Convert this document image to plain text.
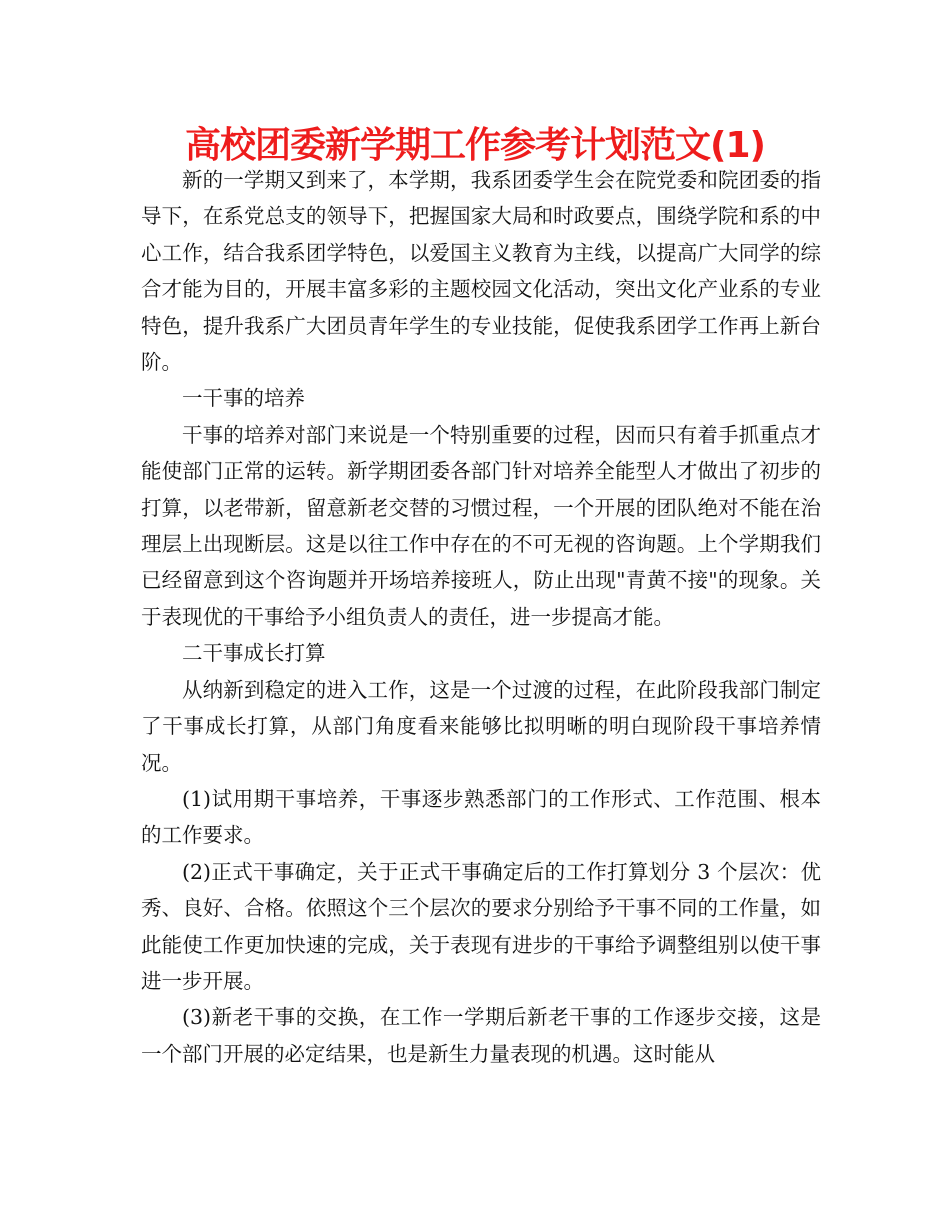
高校团委新学期工作参考计划范文(1)

新的一学期又到来了，本学期，我系团委学生会在院党委和院团委的指导下，在系党总支的领导下，把握国家大局和时政要点，围绕学院和系的中心工作，结合我系团学特色，以爱国主义教育为主线，以提高广大同学的综合才能为目的，开展丰富多彩的主题校园文化活动，突出文化产业系的专业特色，提升我系广大团员青年学生的专业技能，促使我系团学工作再上新台阶。

一干事的培养

干事的培养对部门来说是一个特别重要的过程，因而只有着手抓重点才能使部门正常的运转。新学期团委各部门针对培养全能型人才做出了初步的打算，以老带新，留意新老交替的习惯过程，一个开展的团队绝对不能在治理层上出现断层。这是以往工作中存在的不可无视的咨询题。上个学期我们已经留意到这个咨询题并开场培养接班人，防止出现"青黄不接"的现象。关于表现优的干事给予小组负责人的责任，进一步提高才能。

二干事成长打算

从纳新到稳定的进入工作，这是一个过渡的过程，在此阶段我部门制定了干事成长打算，从部门角度看来能够比拟明晰的明白现阶段干事培养情况。

(1)试用期干事培养，干事逐步熟悉部门的工作形式、工作范围、根本的工作要求。

(2)正式干事确定，关于正式干事确定后的工作打算划分 3 个层次：优秀、良好、合格。依照这个三个层次的要求分别给予干事不同的工作量，如此能使工作更加快速的完成，关于表现有进步的干事给予调整组别以使干事进一步开展。

(3)新老干事的交换，在工作一学期后新老干事的工作逐步交接，这是一个部门开展的必定结果，也是新生力量表现的机遇。这时能从
